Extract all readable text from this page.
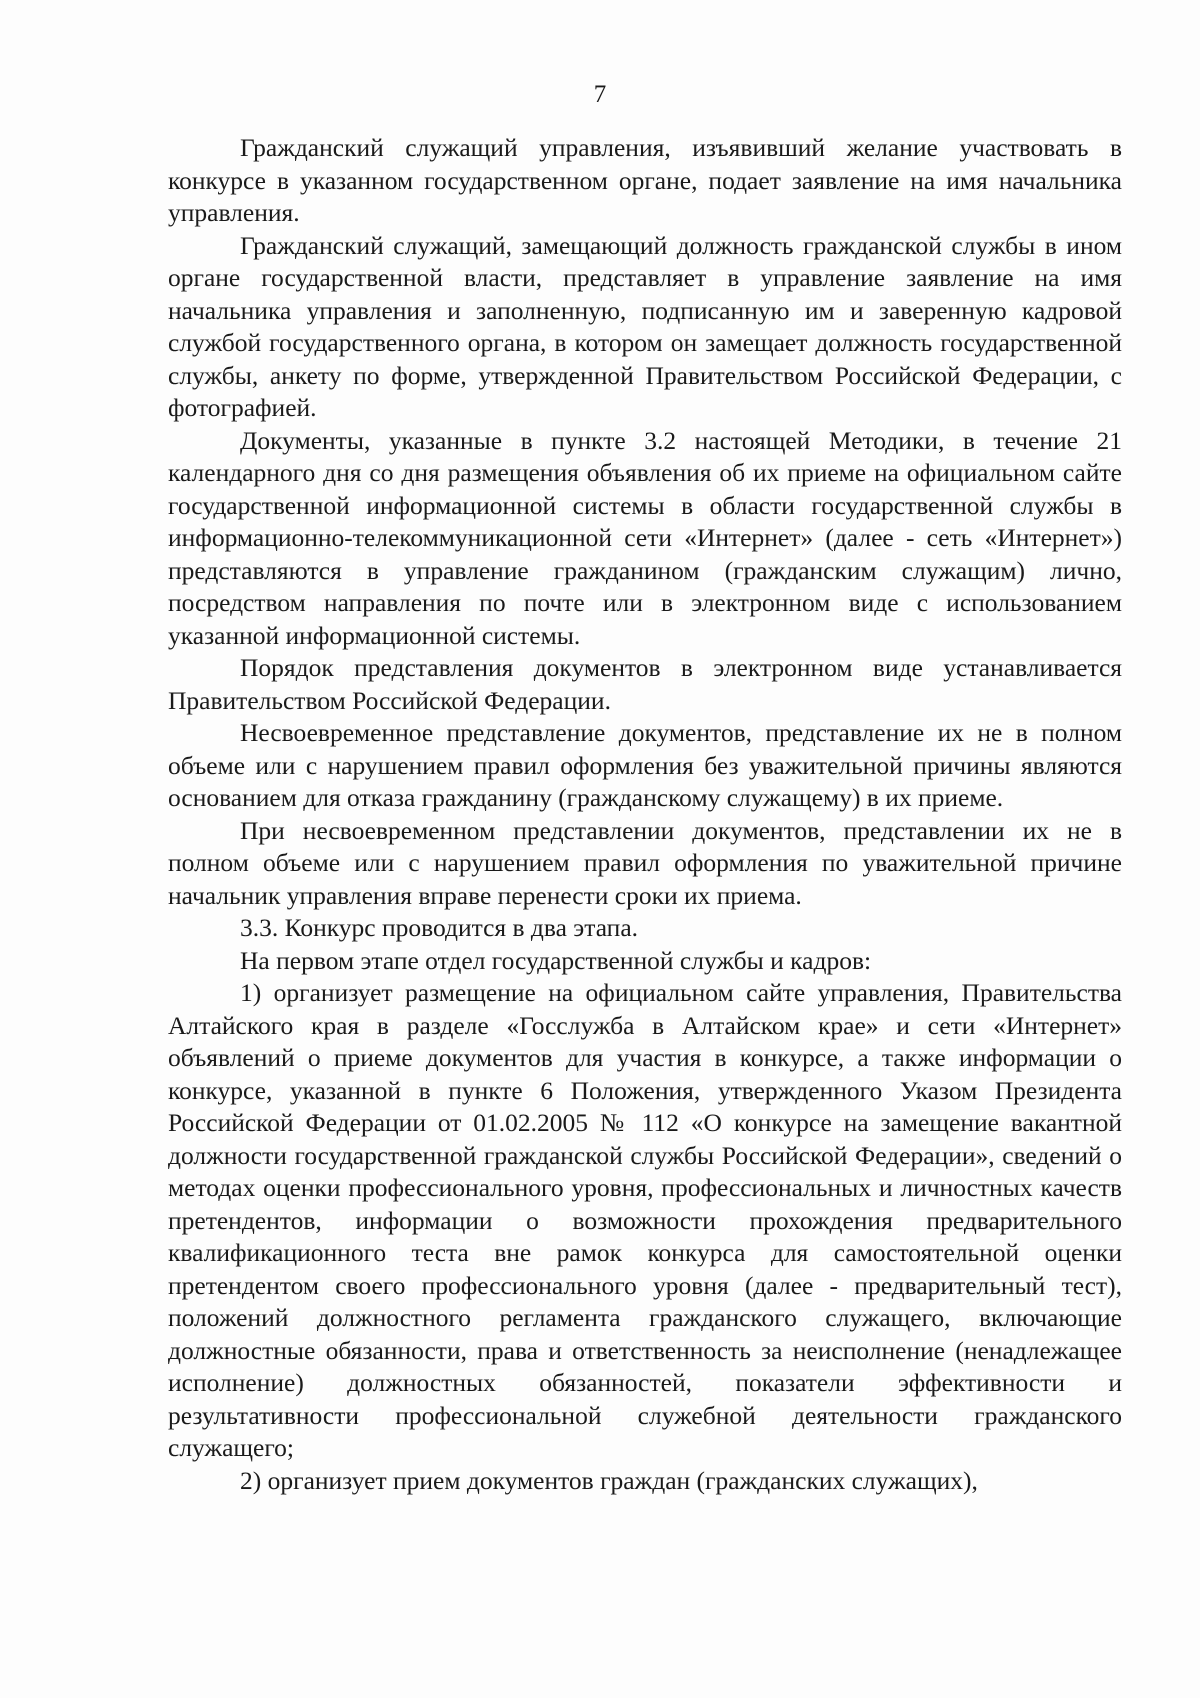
7

Гражданский служащий управления, изъявивший желание участвовать в конкурсе в указанном государственном органе, подает заявление на имя начальника управления.

Гражданский служащий, замещающий должность гражданской службы в ином органе государственной власти, представляет в управление заявление на имя начальника управления и заполненную, подписанную им и заверенную кадровой службой государственного органа, в котором он замещает должность государственной службы, анкету по форме, утвержденной Правительством Российской Федерации, с фотографией.

Документы, указанные в пункте 3.2 настоящей Методики, в течение 21 календарного дня со дня размещения объявления об их приеме на официальном сайте государственной информационной системы в области государственной службы в информационно-телекоммуникационной сети «Интернет» (далее - сеть «Интернет») представляются в управление гражданином (гражданским служащим) лично, посредством направления по почте или в электронном виде с использованием указанной информационной системы.

Порядок представления документов в электронном виде устанавливается Правительством Российской Федерации.

Несвоевременное представление документов, представление их не в полном объеме или с нарушением правил оформления без уважительной причины являются основанием для отказа гражданину (гражданскому служащему) в их приеме.

При несвоевременном представлении документов, представлении их не в полном объеме или с нарушением правил оформления по уважительной причине начальник управления вправе перенести сроки их приема.

3.3. Конкурс проводится в два этапа.

На первом этапе отдел государственной службы и кадров:

1) организует размещение на официальном сайте управления, Правительства Алтайского края в разделе «Госслужба в Алтайском крае» и сети «Интернет» объявлений о приеме документов для участия в конкурсе, а также информации о конкурсе, указанной в пункте 6 Положения, утвержденного Указом Президента Российской Федерации от 01.02.2005 № 112 «О конкурсе на замещение вакантной должности государственной гражданской службы Российской Федерации», сведений о методах оценки профессионального уровня, профессиональных и личностных качеств претендентов, информации о возможности прохождения предварительного квалификационного теста вне рамок конкурса для самостоятельной оценки претендентом своего профессионального уровня (далее - предварительный тест), положений должностного регламента гражданского служащего, включающие должностные обязанности, права и ответственность за неисполнение (ненадлежащее исполнение) должностных обязанностей, показатели эффективности и результативности профессиональной служебной деятельности гражданского служащего;

2) организует прием документов граждан (гражданских служащих),
